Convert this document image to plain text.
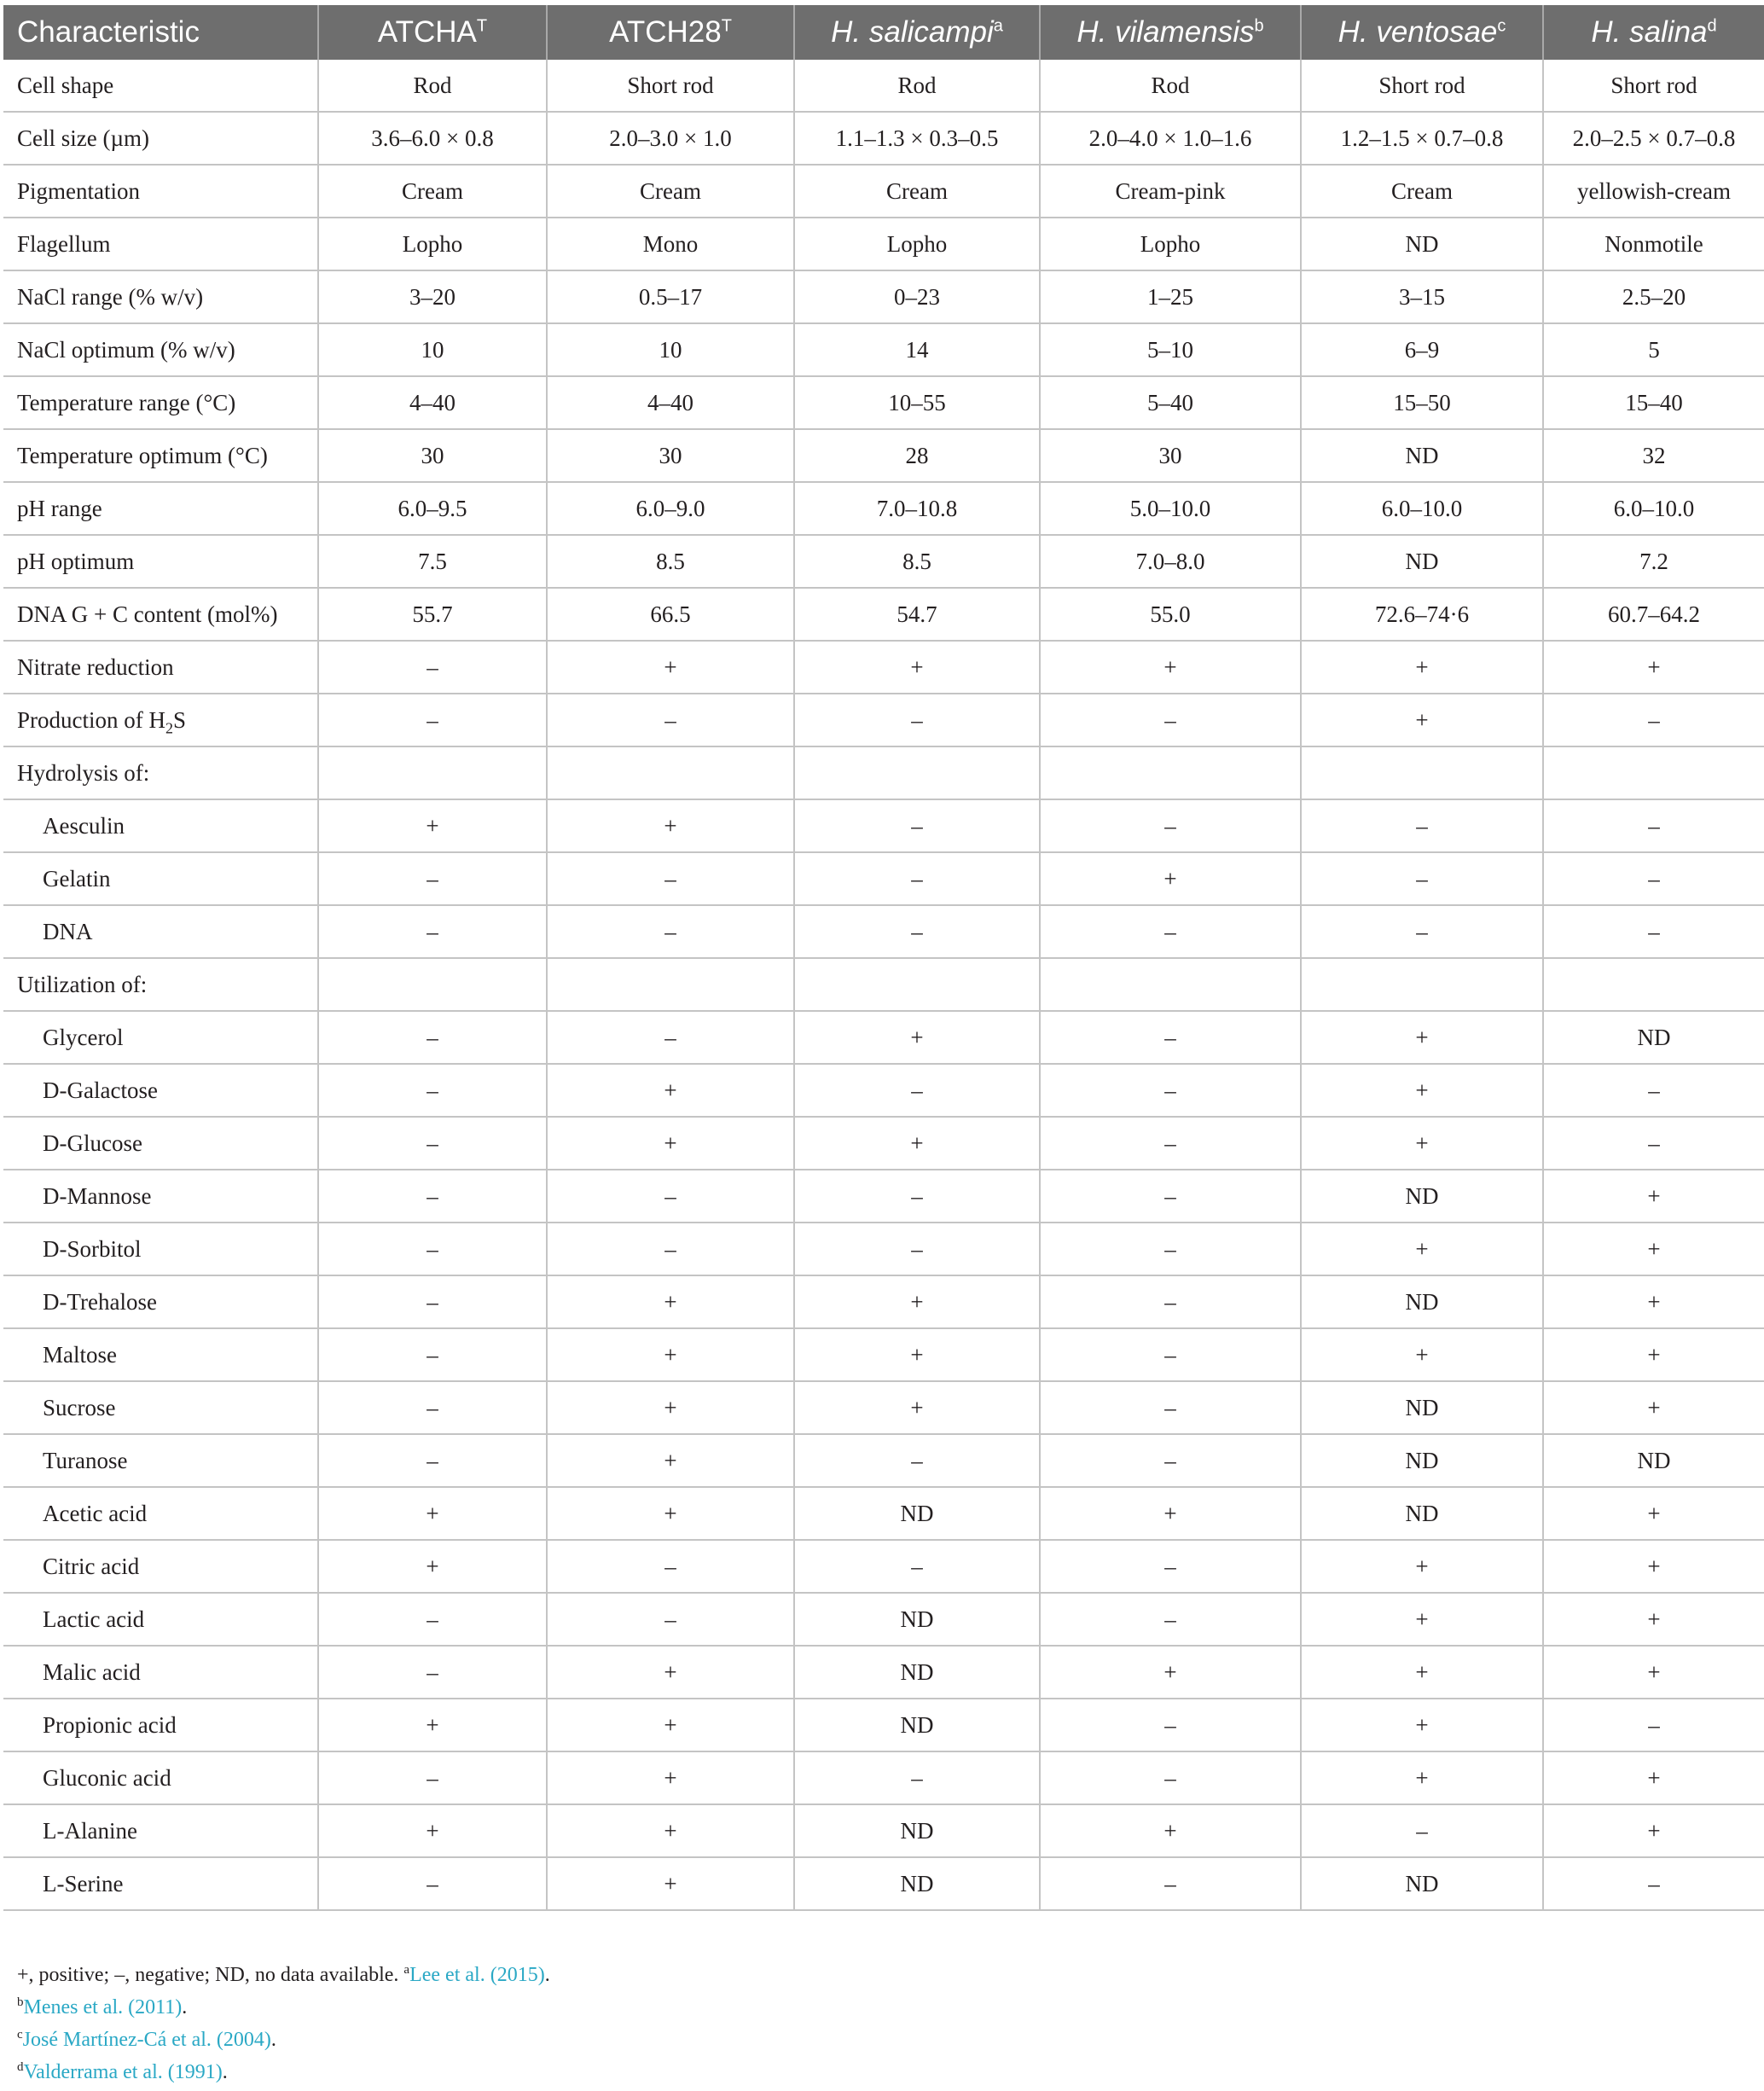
Characteristic	$ATCHA^T$	$ATCH28^T$	H. salicampi$^a$	H. vilamensis$^b$	H. ventosae$^c$	H. salina$^d$
Cell shape	Rod	Short rod	Rod	Rod	Short rod	Short rod
Cell size (µm)	3.6–6.0 × 0.8	2.0–3.0 × 1.0	1.1–1.3 × 0.3–0.5	2.0–4.0 × 1.0–1.6	1.2–1.5 × 0.7–0.8	2.0–2.5 × 0.7–0.8
Pigmentation	Cream	Cream	Cream	Cream-pink	Cream	yellowish-cream
Flagellum	Lopho	Mono	Lopho	Lopho	ND	Nonmotile
NaCl range (% w/v)	3–20	0.5–17	0–23	1–25	3–15	2.5–20
NaCl optimum (% w/v)	10	10	14	5–10	6–9	5
Temperature range (°C)	4–40	4–40	10–55	5–40	15–50	15–40
Temperature optimum (°C)	30	30	28	30	ND	32
pH range	6.0–9.5	6.0–9.0	7.0–10.8	5.0–10.0	6.0–10.0	6.0–10.0
pH optimum	7.5	8.5	8.5	7.0–8.0	ND	7.2
DNA G + C content (mol%)	55.7	66.5	54.7	55.0	72.6–74·6	60.7–64.2
Nitrate reduction	–	+	+	+	+	+
Production of $H_2S$	–	–	–	–	+	–
Hydrolysis of:						
Aesculin	+	+	–	–	–	–
Gelatin	–	–	–	+	–	–
DNA	–	–	–	–	–	–
Utilization of:						
Glycerol	–	–	+	–	+	ND
D-Galactose	–	+	–	–	+	–
D-Glucose	–	+	+	–	+	–
D-Mannose	–	–	–	–	ND	+
D-Sorbitol	–	–	–	–	+	+
D-Trehalose	–	+	+	–	ND	+
Maltose	–	+	+	–	+	+
Sucrose	–	+	+	–	ND	+
Turanose	–	+	–	–	ND	ND
Acetic acid	+	+	ND	+	ND	+
Citric acid	+	–	–	–	+	+
Lactic acid	–	–	ND	–	+	+
Malic acid	–	+	ND	+	+	+
Propionic acid	+	+	ND	–	+	–
Gluconic acid	–	+	–	–	+	+
L-Alanine	+	+	ND	+	–	+
L-Serine	–	+	ND	–	ND	–
+, positive; –, negative; ND, no data available. $^a$Lee et al. (2015).
$^b$Menes et al. (2011).
$^c$José Martínez-Cá et al. (2004).
$^d$Valderrama et al. (1991).
